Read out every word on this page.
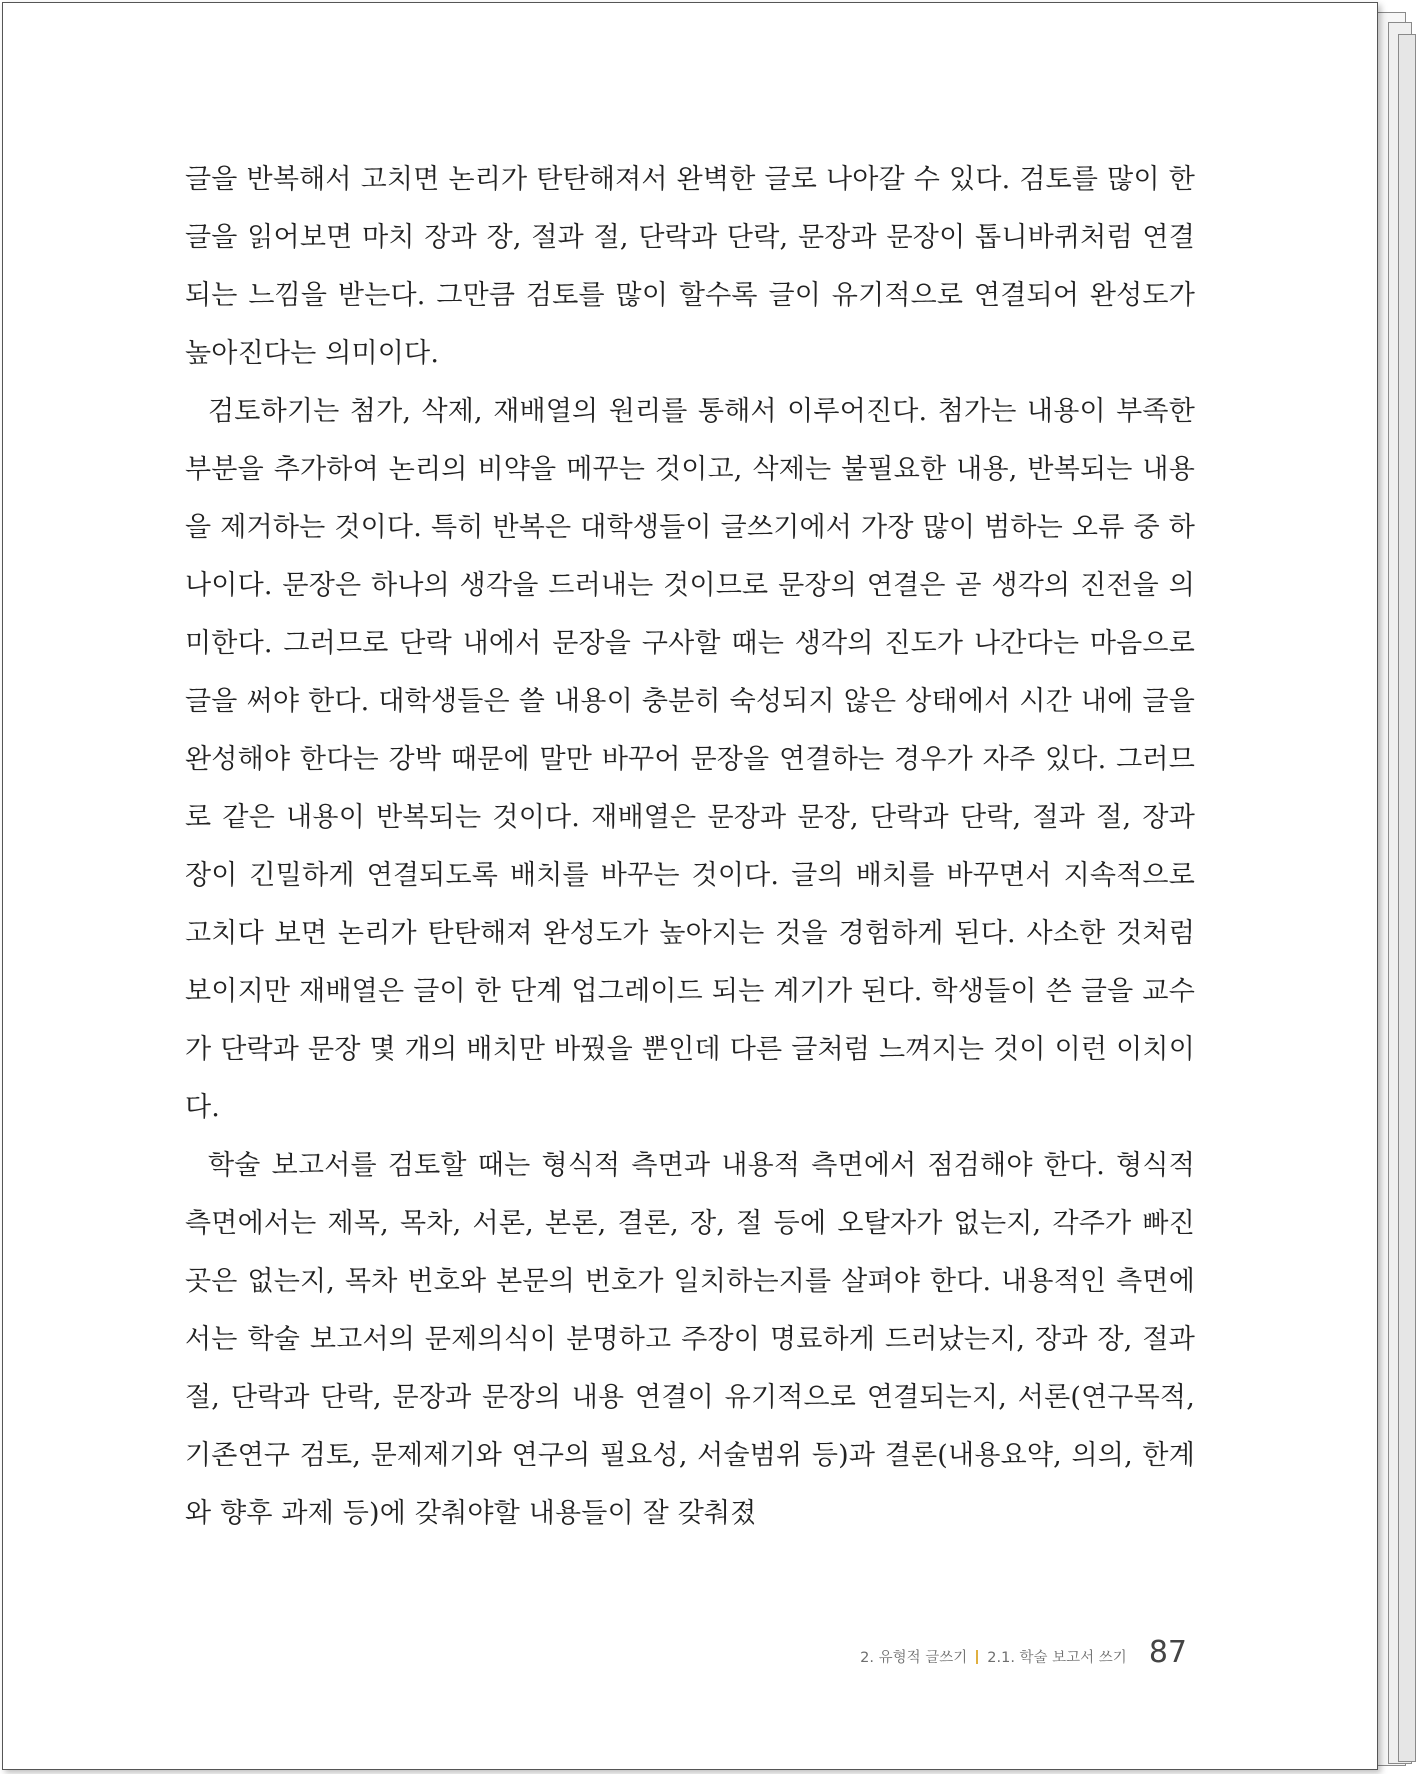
글을 반복해서 고치면 논리가 탄탄해져서 완벽한 글로 나아갈 수 있다. 검토를 많이 한 글을 읽어보면 마치 장과 장, 절과 절, 단락과 단락, 문장과 문장이 톱니바퀴처럼 연결되는 느낌을 받는다. 그만큼 검토를 많이 할수록 글이 유기적으로 연결되어 완성도가 높아진다는 의미이다.

검토하기는 첨가, 삭제, 재배열의 원리를 통해서 이루어진다. 첨가는 내용이 부족한 부분을 추가하여 논리의 비약을 메꾸는 것이고, 삭제는 불필요한 내용, 반복되는 내용을 제거하는 것이다. 특히 반복은 대학생들이 글쓰기에서 가장 많이 범하는 오류 중 하나이다. 문장은 하나의 생각을 드러내는 것이므로 문장의 연결은 곧 생각의 진전을 의미한다. 그러므로 단락 내에서 문장을 구사할 때는 생각의 진도가 나간다는 마음으로 글을 써야 한다. 대학생들은 쓸 내용이 충분히 숙성되지 않은 상태에서 시간 내에 글을 완성해야 한다는 강박 때문에 말만 바꾸어 문장을 연결하는 경우가 자주 있다. 그러므로 같은 내용이 반복되는 것이다. 재배열은 문장과 문장, 단락과 단락, 절과 절, 장과 장이 긴밀하게 연결되도록 배치를 바꾸는 것이다. 글의 배치를 바꾸면서 지속적으로 고치다 보면 논리가 탄탄해져 완성도가 높아지는 것을 경험하게 된다. 사소한 것처럼 보이지만 재배열은 글이 한 단계 업그레이드 되는 계기가 된다. 학생들이 쓴 글을 교수가 단락과 문장 몇 개의 배치만 바꿨을 뿐인데 다른 글처럼 느껴지는 것이 이런 이치이다.

학술 보고서를 검토할 때는 형식적 측면과 내용적 측면에서 점검해야 한다. 형식적 측면에서는 제목, 목차, 서론, 본론, 결론, 장, 절 등에 오탈자가 없는지, 각주가 빠진 곳은 없는지, 목차 번호와 본문의 번호가 일치하는지를 살펴야 한다. 내용적인 측면에서는 학술 보고서의 문제의식이 분명하고 주장이 명료하게 드러났는지, 장과 장, 절과 절, 단락과 단락, 문장과 문장의 내용 연결이 유기적으로 연결되는지, 서론(연구목적, 기존연구 검토, 문제제기와 연구의 필요성, 서술범위 등)과 결론(내용요약, 의의, 한계와 향후 과제 등)에 갖춰야할 내용들이 잘 갖춰졌

2. 유형적 글쓰기 2.1. 학술 보고서 쓰기 87
